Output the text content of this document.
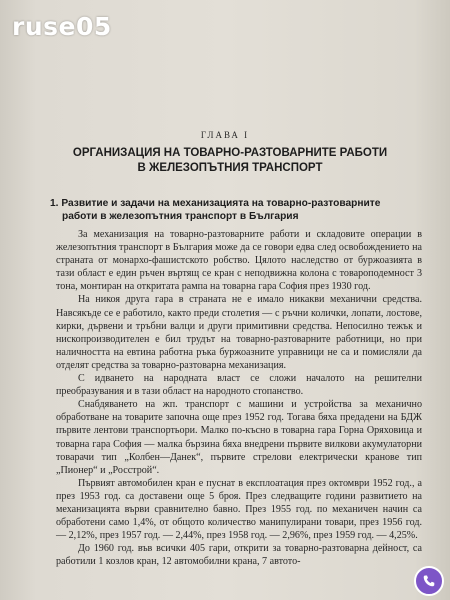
ruse05
ГЛАВА I
ОРГАНИЗАЦИЯ НА ТОВАРНО-РАЗТОВАРНИТЕ РАБОТИ
В ЖЕЛЕЗОПЪТНИЯ ТРАНСПОРТ
1. Развитие и задачи на механизацията на товарно-разтоварните
работи в железопътния транспорт в България

За механизация на товарно-разтоварните работи и складовите операции в железопътния транспорт в България може да се говори едва след освобождението на страната от монархо-фашистското робство. Цялото наследство от буржоазията в тази област е един ръчен въртящ се кран с неподвижна колона с товароподемност 3 тона, монтиран на откритата рампа на товарна гара София през 1930 год.

На никоя друга гара в страната не е имало никакви механични средства. Навсякъде се е работило, както преди столетия — с ръчни колички, лопати, лостове, кирки, дървени и тръбни валци и други примитивни средства. Непосилно тежък и нископроизводителен е бил трудът на товарно-разтоварните работници, но при наличността на евтина работна ръка буржоазните управници не са и помисляли да отделят средства за товарно-разтоварна механизация.

С идването на народната власт се сложи началото на решителни преобразувания и в тази област на народното стопанство.

Снабдяването на жп. транспорт с машини и устройства за механично обработване на товарите започна още през 1952 год. Тогава бяха предадени на БДЖ първите лентови транспортьори. Малко по-късно в товарна гара Горна Оряховица и товарна гара София — малка бързина бяха внедрени първите вилкови акумулаторни товарачи тип „Колбен—Данек“, първите стрелови електрически кранове тип „Пионер“ и „Росстрой“.

Първият автомобилен кран е пуснат в експлоатация през октомври 1952 год., а през 1953 год. са доставени още 5 броя. През следващите години развитието на механизацията върви сравнително бавно. През 1955 год. по механичен начин са обработени само 1,4%, от общото количество манипулирани товари, през 1956 год. — 2,12%, през 1957 год. — 2,44%, през 1958 год. — 2,96%, през 1959 год. — 4,25%.

До 1960 год. във всички 405 гари, открити за товарно-разтоварна дейност, са работили 1 козлов кран, 12 автомобилни крана, 7 автото-
